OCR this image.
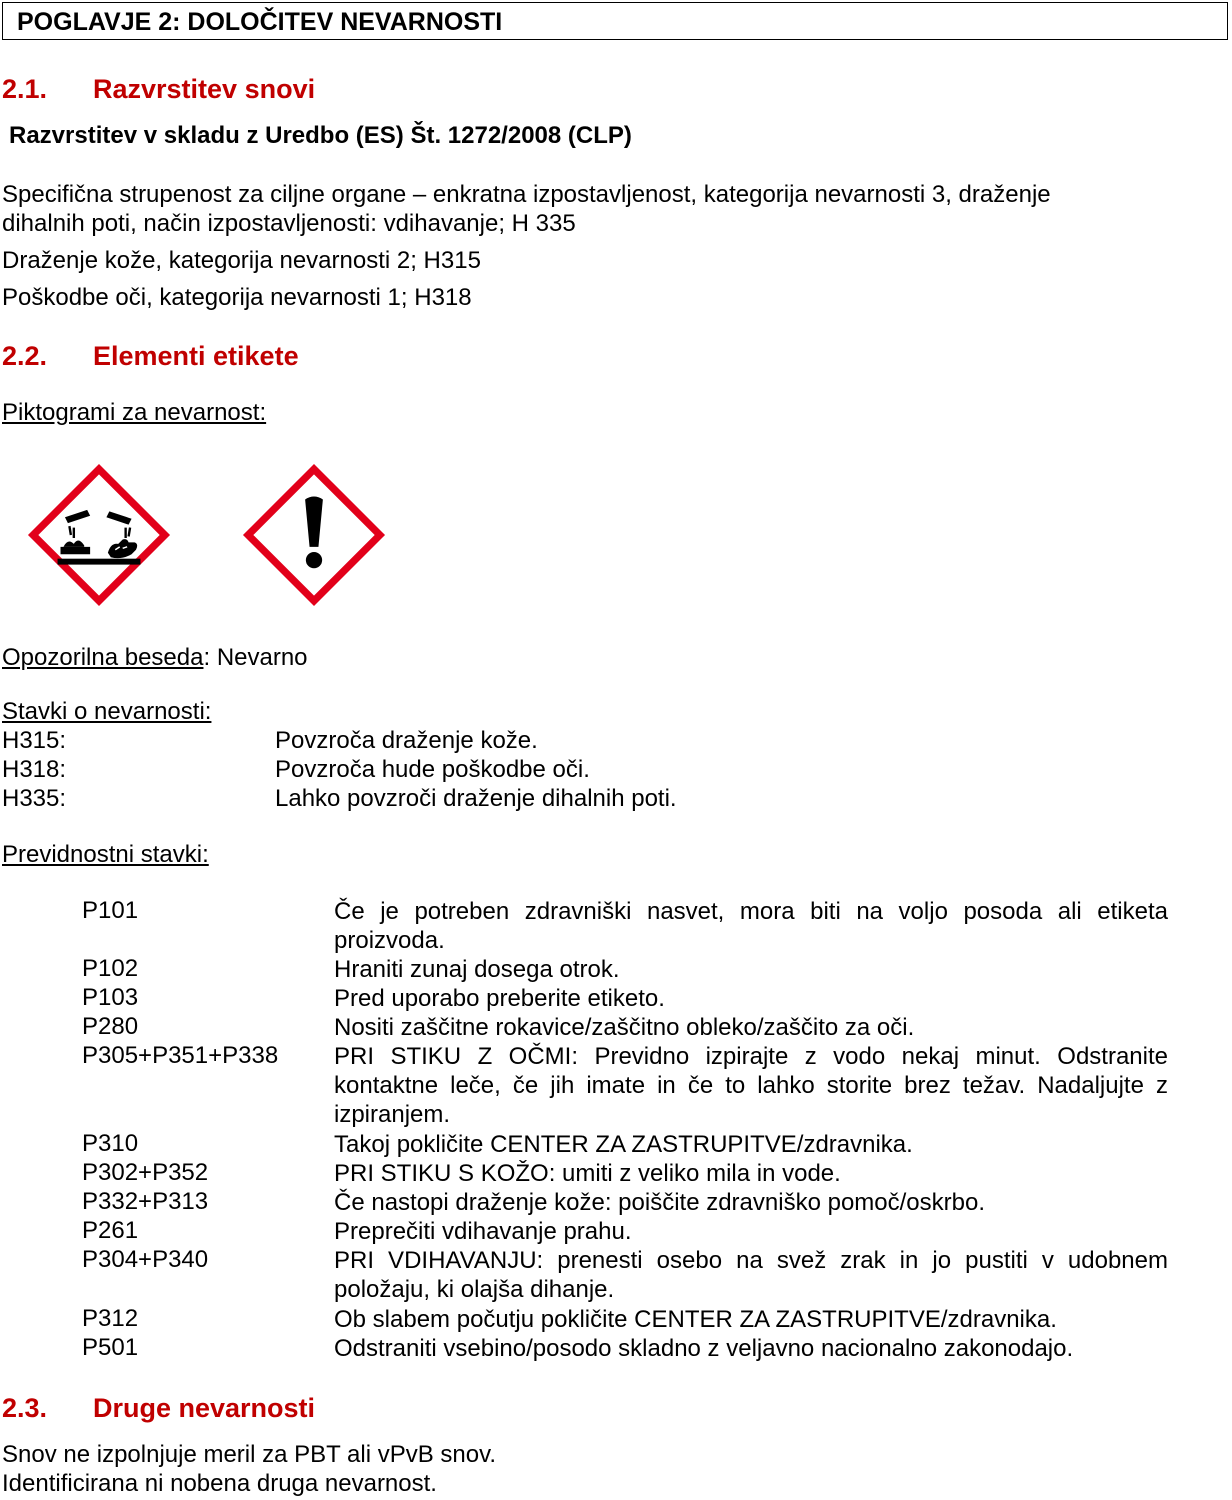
POGLAVJE 2: DOLOČITEV NEVARNOSTI
2.1. Razvrstitev snovi
Razvrstitev v skladu z Uredbo (ES) Št. 1272/2008 (CLP)
Specifična strupenost za ciljne organe – enkratna izpostavljenost, kategorija nevarnosti 3, draženje
dihalnih poti, način izpostavljenosti: vdihavanje; H 335
Draženje kože, kategorija nevarnosti 2; H315
Poškodbe oči, kategorija nevarnosti 1; H318
2.2. Elementi etikete
Piktogrami za nevarnost:
Opozorilna beseda: Nevarno
Stavki o nevarnosti:
H315:	Povzroča draženje kože.
H318:	Povzroča hude poškodbe oči.
H335:	Lahko povzroči draženje dihalnih poti.
Previdnostni stavki:
P101	Če je potreben zdravniški nasvet, mora biti na voljo posoda ali etiketa proizvoda.
P102	Hraniti zunaj dosega otrok.
P103	Pred uporabo preberite etiketo.
P280	Nositi zaščitne rokavice/zaščitno obleko/zaščito za oči.
P305+P351+P338 PRI STIKU Z OČMI: Previdno izpirajte z vodo nekaj minut. Odstranite kontaktne leče, če jih imate in če to lahko storite brez težav. Nadaljujte z izpiranjem.
P310	Takoj pokličite CENTER ZA ZASTRUPITVE/zdravnika.
P302+P352	PRI STIKU S KOŽO: umiti z veliko mila in vode.
P332+P313	Če nastopi draženje kože: poiščite zdravniško pomoč/oskrbo.
P261	Preprečiti vdihavanje prahu.
P304+P340	PRI VDIHAVANJU: prenesti osebo na svež zrak in jo pustiti v udobnem položaju, ki olajša dihanje.
P312	Ob slabem počutju pokličite CENTER ZA ZASTRUPITVE/zdravnika.
P501	Odstraniti vsebino/posodo skladno z veljavno nacionalno zakonodajo.
2.3. Druge nevarnosti
Snov ne izpolnjuje meril za PBT ali vPvB snov.
Identificirana ni nobena druga nevarnost.
